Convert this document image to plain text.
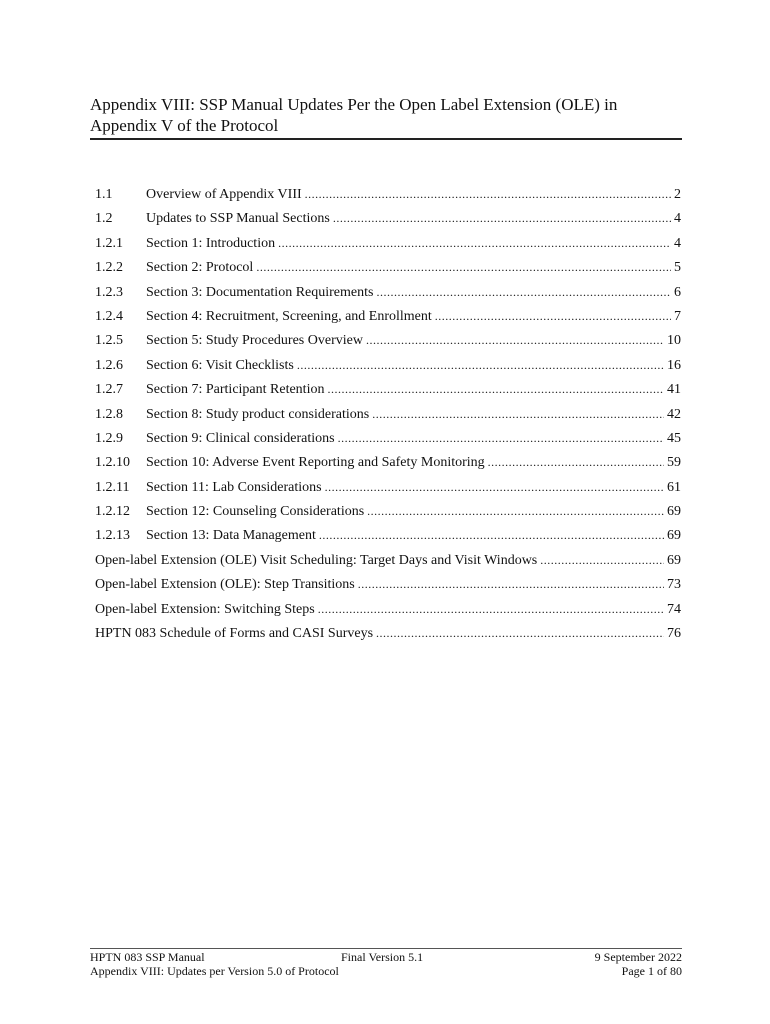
Appendix VIII: SSP Manual Updates Per the Open Label Extension (OLE) in
Appendix V of the Protocol
1.1	Overview of Appendix VIII .....	2
1.2	Updates to SSP Manual Sections .....	4
1.2.1	Section 1: Introduction .....	4
1.2.2	Section 2: Protocol .....	5
1.2.3	Section 3: Documentation Requirements .....	6
1.2.4	Section 4: Recruitment, Screening, and Enrollment .....	7
1.2.5	Section 5: Study Procedures Overview .....	10
1.2.6	Section 6: Visit Checklists .....	16
1.2.7	Section 7: Participant Retention .....	41
1.2.8	Section 8: Study product considerations .....	42
1.2.9	Section 9: Clinical considerations .....	45
1.2.10	Section 10: Adverse Event Reporting and Safety Monitoring .....	59
1.2.11	Section 11: Lab Considerations .....	61
1.2.12	Section 12: Counseling Considerations .....	69
1.2.13	Section 13: Data Management .....	69
Open-label Extension (OLE) Visit Scheduling: Target Days and Visit Windows .....	69
Open-label Extension (OLE): Step Transitions .....	73
Open-label Extension: Switching Steps .....	74
HPTN 083 Schedule of Forms and CASI Surveys .....	76
HPTN 083 SSP Manual
Appendix VIII: Updates per Version 5.0 of Protocol
Final Version 5.1	9 September 2022
Page 1 of 80
